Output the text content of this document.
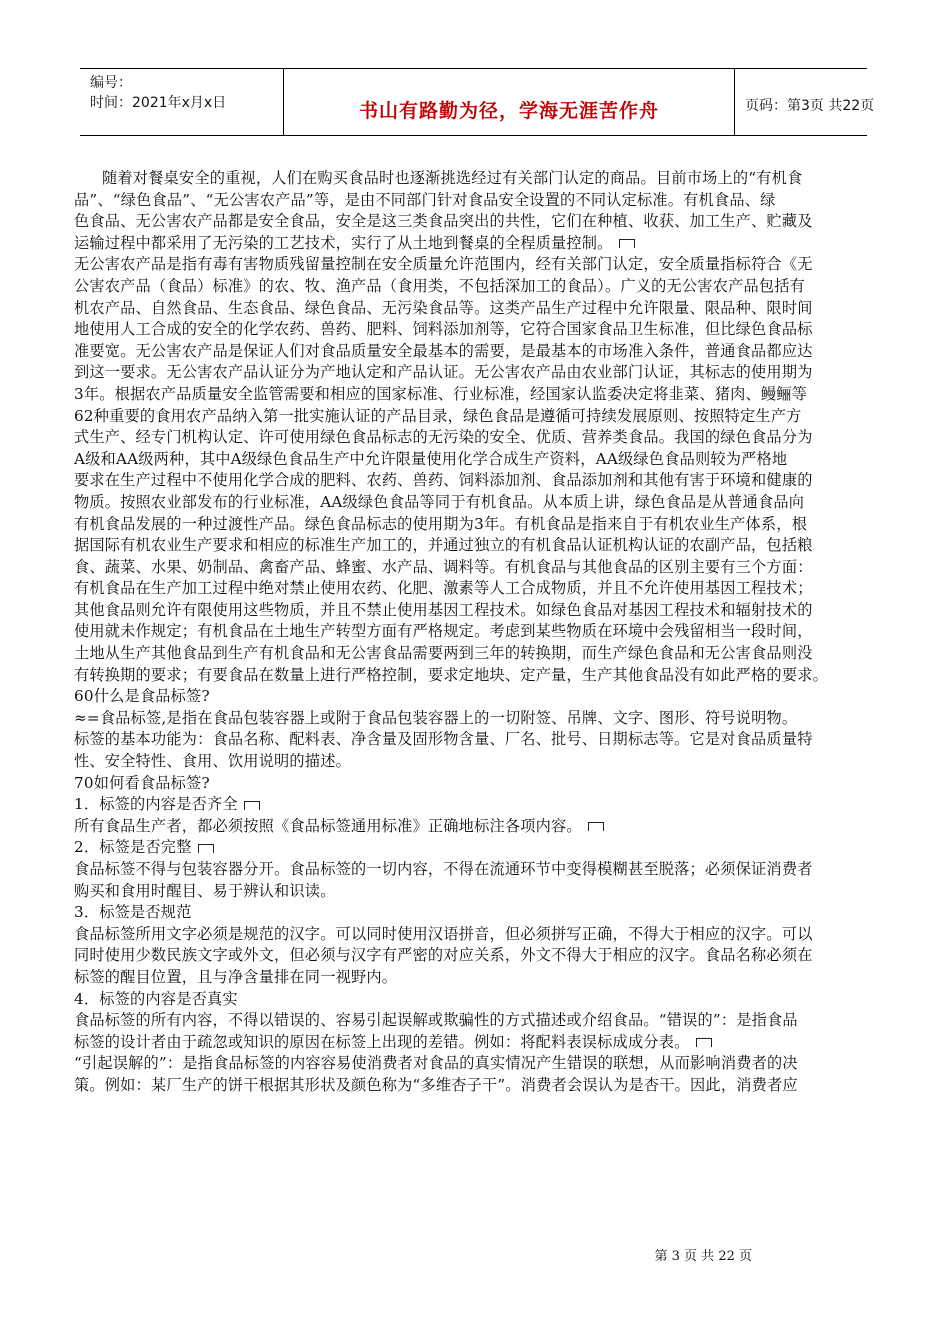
编号：
时间：2021年x月x日	书山有路勤为径，学海无涯苦作舟	页码：第3页 共22页
随着对餐桌安全的重视，人们在购买食品时也逐渐挑选经过有关部门认定的商品。目前市场上的“有机食
品”、“绿色食品”、“无公害农产品”等，是由不同部门针对食品安全设置的不同认定标准。有机食品、绿
色食品、无公害农产品都是安全食品，安全是这三类食品突出的共性，它们在种植、收获、加工生产、贮藏及
运输过程中都采用了无污染的工艺技术，实行了从土地到餐桌的全程质量控制。
无公害农产品是指有毒有害物质残留量控制在安全质量允许范围内，经有关部门认定，安全质量指标符合《无
公害农产品（食品）标准》的农、牧、渔产品（食用类，不包括深加工的食品）。广义的无公害农产品包括有
机农产品、自然食品、生态食品、绿色食品、无污染食品等。这类产品生产过程中允许限量、限品种、限时间
地使用人工合成的安全的化学农药、兽药、肥料、饲料添加剂等，它符合国家食品卫生标准，但比绿色食品标
准要宽。无公害农产品是保证人们对食品质量安全最基本的需要，是最基本的市场准入条件，普通食品都应达
到这一要求。无公害农产品认证分为产地认定和产品认证。无公害农产品由农业部门认证，其标志的使用期为
3年。根据农产品质量安全监管需要和相应的国家标准、行业标准，经国家认监委决定将韭菜、猪肉、鳗鲡等
62种重要的食用农产品纳入第一批实施认证的产品目录，绿色食品是遵循可持续发展原则、按照特定生产方
式生产、经专门机构认定、许可使用绿色食品标志的无污染的安全、优质、营养类食品。我国的绿色食品分为
A级和AA级两种，其中A级绿色食品生产中允许限量使用化学合成生产资料，AA级绿色食品则较为严格地
要求在生产过程中不使用化学合成的肥料、农药、兽药、饲料添加剂、食品添加剂和其他有害于环境和健康的
物质。按照农业部发布的行业标准，AA级绿色食品等同于有机食品。从本质上讲，绿色食品是从普通食品向
有机食品发展的一种过渡性产品。绿色食品标志的使用期为3年。有机食品是指来自于有机农业生产体系，根
据国际有机农业生产要求和相应的标准生产加工的，并通过独立的有机食品认证机构认证的农副产品，包括粮
食、蔬菜、水果、奶制品、禽畜产品、蜂蜜、水产品、调料等。有机食品与其他食品的区别主要有三个方面：
有机食品在生产加工过程中绝对禁止使用农药、化肥、激素等人工合成物质，并且不允许使用基因工程技术；
其他食品则允许有限使用这些物质，并且不禁止使用基因工程技术。如绿色食品对基因工程技术和辐射技术的
使用就未作规定；有机食品在土地生产转型方面有严格规定。考虑到某些物质在环境中会残留相当一段时间，
土地从生产其他食品到生产有机食品和无公害食品需要两到三年的转换期，而生产绿色食品和无公害食品则没
有转换期的要求；有要食品在数量上进行严格控制，要求定地块、定产量，生产其他食品没有如此严格的要求。
60什么是食品标签?
≈=食品标签,是指在食品包装容器上或附于食品包装容器上的一切附签、吊牌、文字、图形、符号说明物。
标签的基本功能为：食品名称、配料表、净含量及固形物含量、厂名、批号、日期标志等。它是对食品质量特
性、安全特性、食用、饮用说明的描述。
70如何看食品标签?
1．标签的内容是否齐全
所有食品生产者，都必须按照《食品标签通用标准》正确地标注各项内容。
2．标签是否完整
食品标签不得与包装容器分开。食品标签的一切内容，不得在流通环节中变得模糊甚至脱落；必须保证消费者
购买和食用时醒目、易于辨认和识读。
3．标签是否规范
食品标签所用文字必须是规范的汉字。可以同时使用汉语拼音，但必须拼写正确，不得大于相应的汉字。可以
同时使用少数民族文字或外文，但必须与汉字有严密的对应关系，外文不得大于相应的汉字。食品名称必须在
标签的醒目位置，且与净含量排在同一视野内。
4．标签的内容是否真实
食品标签的所有内容，不得以错误的、容易引起误解或欺骗性的方式描述或介绍食品。“错误的”：是指食品
标签的设计者由于疏忽或知识的原因在标签上出现的差错。例如：将配料表误标成成分表。
“引起误解的”：是指食品标签的内容容易使消费者对食品的真实情况产生错误的联想，从而影响消费者的决
策。例如：某厂生产的饼干根据其形状及颜色称为“多维杏子干”。消费者会误认为是杏干。因此，消费者应
第 3 页 共 22 页
